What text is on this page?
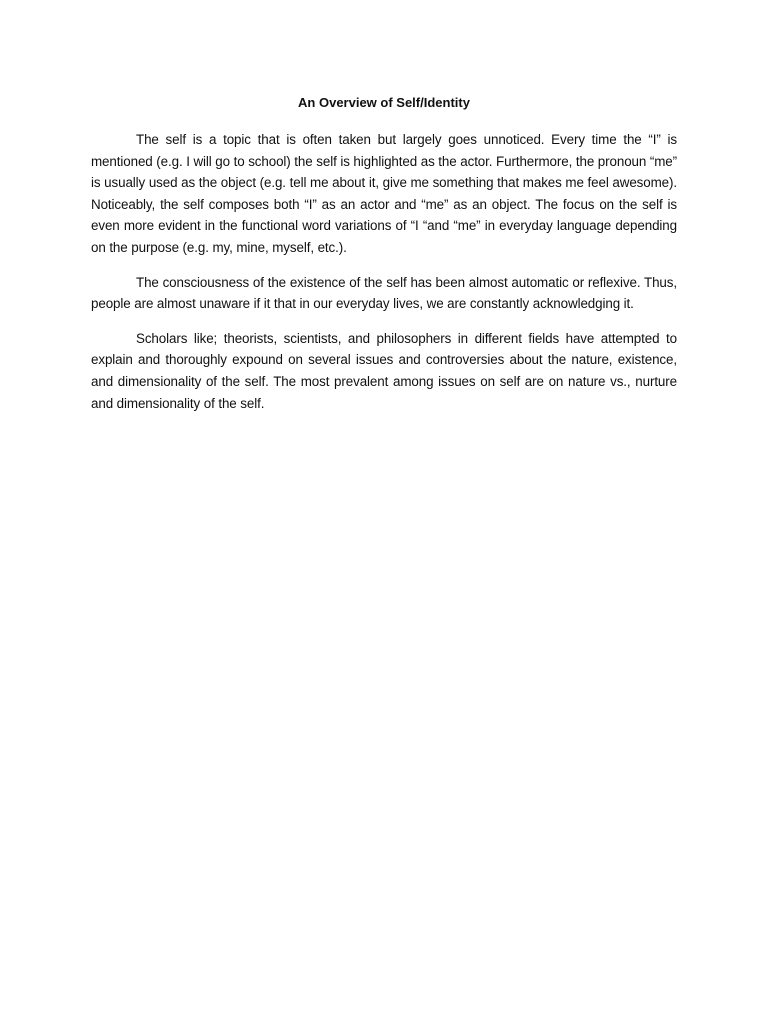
An Overview of Self/Identity

The self is a topic that is often taken but largely goes unnoticed. Every time the “I” is mentioned (e.g. I will go to school) the self is highlighted as the actor. Furthermore, the pronoun “me” is usually used as the object (e.g. tell me about it, give me something that makes me feel awesome). Noticeably, the self composes both “I” as an actor and “me” as an object. The focus on the self is even more evident in the functional word variations of “I “and “me” in everyday language depending on the purpose (e.g. my, mine, myself, etc.).

The consciousness of the existence of the self has been almost automatic or reflexive. Thus, people are almost unaware if it that in our everyday lives, we are constantly acknowledging it.

Scholars like; theorists, scientists, and philosophers in different fields have attempted to explain and thoroughly expound on several issues and controversies about the nature, existence, and dimensionality of the self. The most prevalent among issues on self are on nature vs., nurture and dimensionality of the self.
